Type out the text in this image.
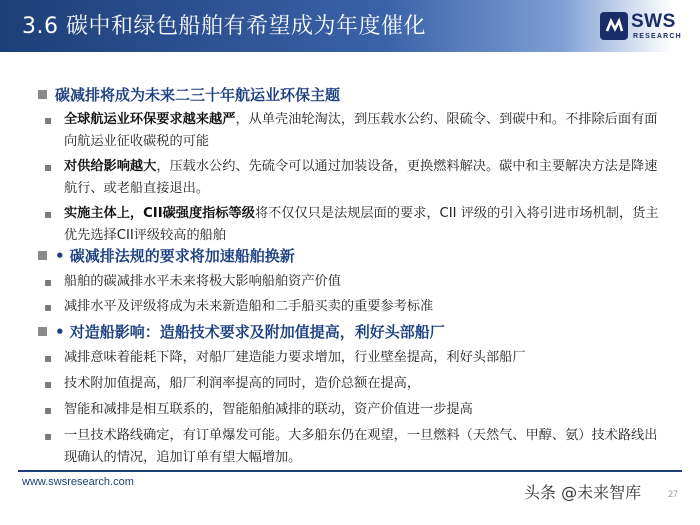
3.6 碳中和绿色船舶有希望成为年度催化	SWS
RESEARCH
碳减排将成为未来二三十年航运业环保主题
▪ 全球航运业环保要求越来越严，从单壳油轮淘汰，到压载水公约、限硫令、到碳中和。不排除后面有面向航运业征收碳税的可能
▪ 对供给影响越大，压载水公约、先硫令可以通过加装设备，更换燃料解决。碳中和主要解决方法是降速航行、或老船直接退出。
▪ 实施主体上，CII碳强度指标等级将不仅仅只是法规层面的要求，CII 评级的引入将引进市场机制，货主优先选择CII评级较高的船舶
• 碳减排法规的要求将加速船舶换新
▪ 船舶的碳减排水平未来将极大影响船舶资产价值
▪ 减排水平及评级将成为未来新造船和二手船买卖的重要参考标准
• 对造船影响：造船技术要求及附加值提高，利好头部船厂
▪ 减排意味着能耗下降，对船厂建造能力要求增加，行业壁垒提高，利好头部船厂
▪ 技术附加值提高，船厂利润率提高的同时，造价总额在提高，
▪ 智能和减排是相互联系的，智能船舶减排的联动，资产价值进一步提高
▪ 一旦技术路线确定，有订单爆发可能。大多船东仍在观望，一旦燃料（天然气、甲醇、氨）技术路线出现确认的情况，追加订单有望大幅增加。
www.swsresearch.com
头条 @未来智库	27
